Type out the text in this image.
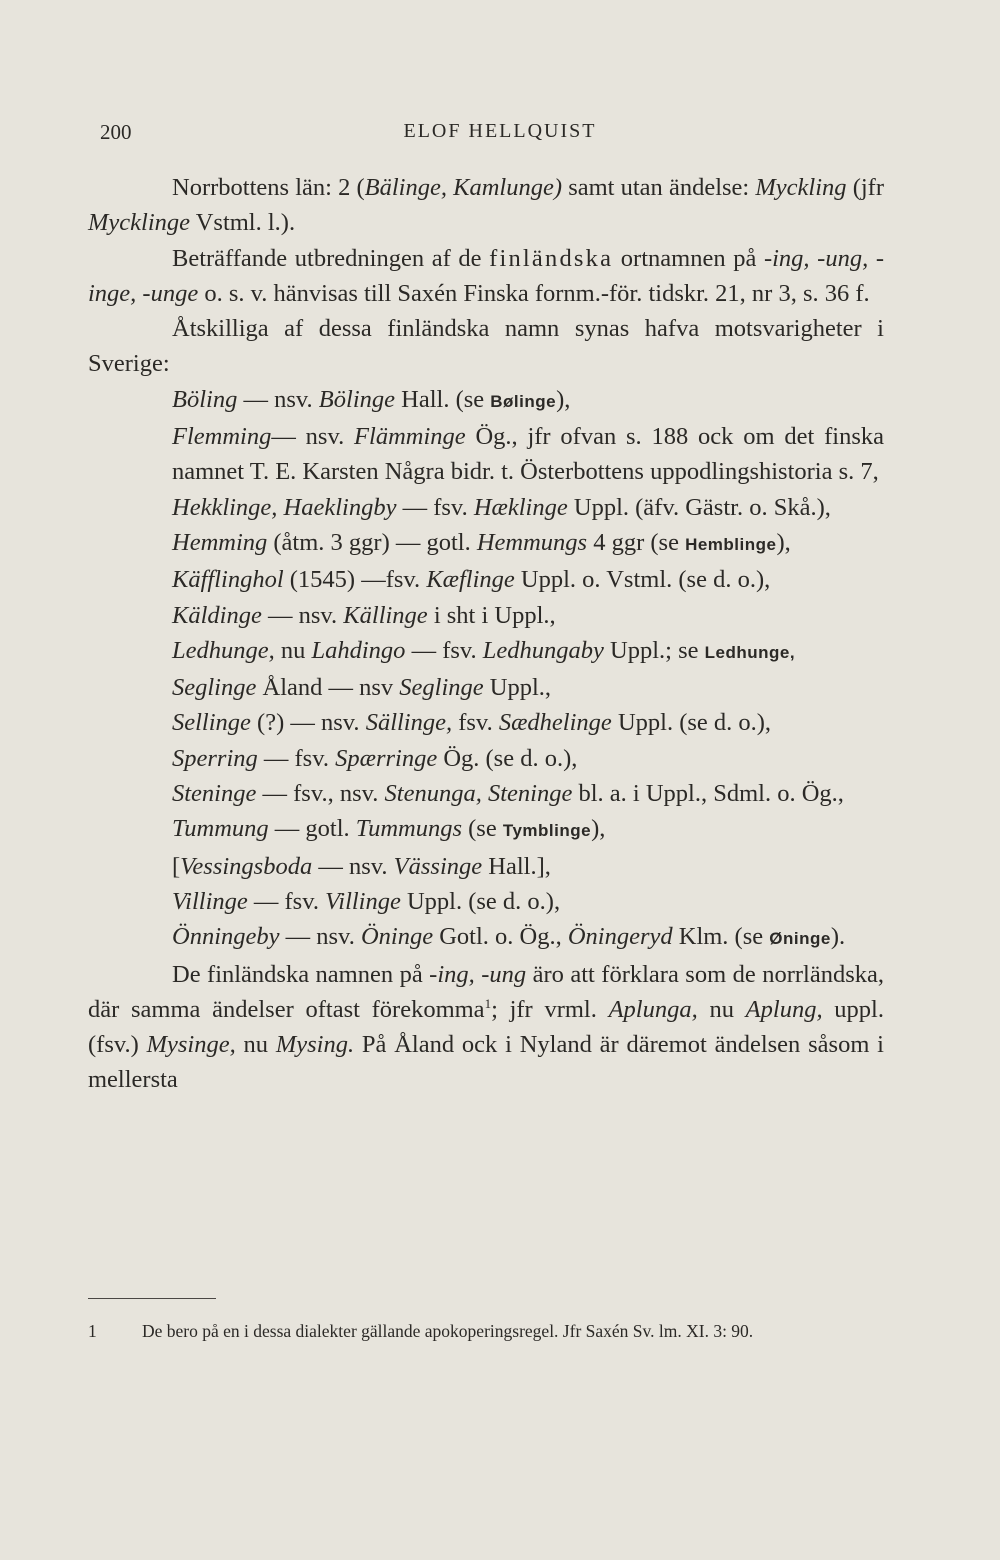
200	ELOF HELLQUIST

Norrbottens län: 2 (Bälinge, Kamlunge) samt utan ändelse: Myckling (jfr Mycklinge Vstml. l.).

Beträffande utbredningen af de finländska ortnamnen på -ing, -ung, -inge, -unge o. s. v. hänvisas till Saxén Finska fornm.-för. tidskr. 21, nr 3, s. 36 f.

Åtskilliga af dessa finländska namn synas hafva motsvarigheter i Sverige:

Böling — nsv. Bölinge Hall. (se Bølinge),

Flemming— nsv. Flämminge Ög., jfr ofvan s. 188 ock om det finska namnet T. E. Karsten Några bidr. t. Österbottens uppodlingshistoria s. 7,

Hekklinge, Haeklingby — fsv. Hæklinge Uppl. (äfv. Gästr. o. Skå.),

Hemming (åtm. 3 ggr) — gotl. Hemmungs 4 ggr (se Hemblinge),

Käfflinghol (1545) —fsv. Kæflinge Uppl. o. Vstml. (se d. o.),

Käldinge — nsv. Källinge i sht i Uppl.,

Ledhunge, nu Lahdingo — fsv. Ledhungaby Uppl.; se Ledhunge,

Seglinge Åland — nsv Seglinge Uppl.,

Sellinge (?) — nsv. Sällinge, fsv. Sædhelinge Uppl. (se d. o.),

Sperring — fsv. Spærringe Ög. (se d. o.),

Steninge — fsv., nsv. Stenunga, Steninge bl. a. i Uppl., Sdml. o. Ög.,

Tummung — gotl. Tummungs (se Tymblinge),

[Vessingsboda — nsv. Vässinge Hall.],

Villinge — fsv. Villinge Uppl. (se d. o.),

Önningeby — nsv. Öninge Gotl. o. Ög., Öningeryd Klm. (se Øninge).

De finländska namnen på -ing, -ung äro att förklara som de norrländska, där samma ändelser oftast förekomma$^1$; jfr vrml. Aplunga, nu Aplung, uppl. (fsv.) Mysinge, nu Mysing. På Åland ock i Nyland är däremot ändelsen såsom i mellersta

1	De bero på en i dessa dialekter gällande apokoperingsregel. Jfr Saxén Sv. lm. XI. 3: 90.
